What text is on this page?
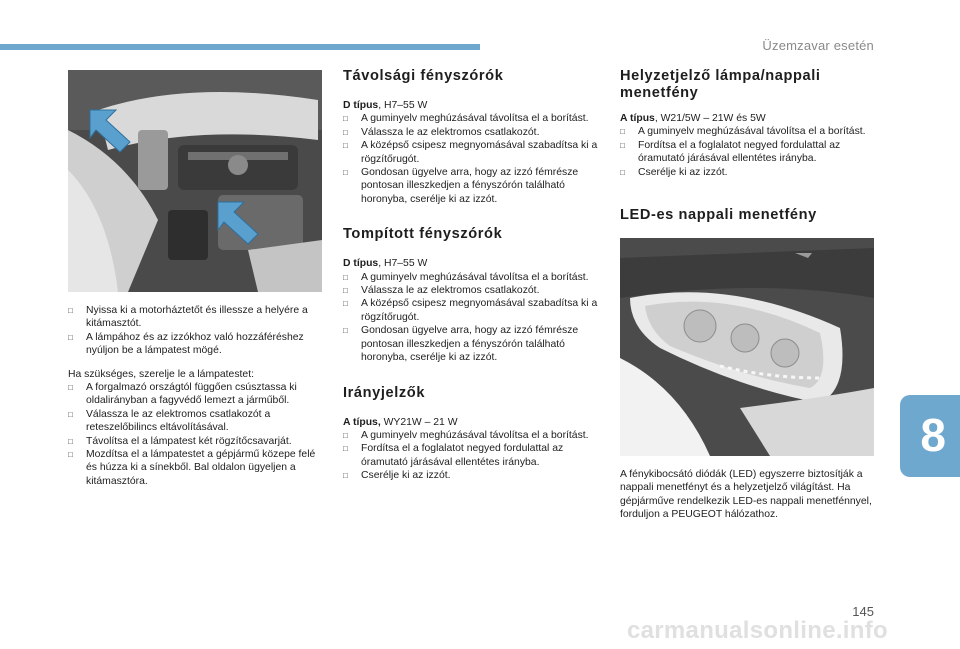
Üzemzavar esetén
8
145
carmanualsonline.info
□ Nyissa ki a motorháztetőt és illessze a helyére a kitámasztót.
□ A lámpához és az izzókhoz való hozzáféréshez nyúljon be a lámpatest mögé.

Ha szükséges, szerelje le a lámpatestet:

□ A forgalmazó országtól függően csúsztassa ki oldalirányban a fagyvédő lemezt a járműből.
□ Válassza le az elektromos csatlakozót a reteszelőbilincs eltávolításával.
□ Távolítsa el a lámpatest két rögzítőcsavarját.
□ Mozdítsa el a lámpatestet a gépjármű közepe felé és húzza ki a sínekből. Bal oldalon ügyeljen a kitámasztóra.
Távolsági fényszórók

D típus, H7–55 W

□ A guminyelv meghúzásával távolítsa el a borítást.
□ Válassza le az elektromos csatlakozót.
□ A középső csipesz megnyomásával szabadítsa ki a rögzítőrugót.
□ Gondosan ügyelve arra, hogy az izzó fémrésze pontosan illeszkedjen a fényszórón található horonyba, cserélje ki az izzót.
Tompított fényszórók

D típus, H7–55 W

□ A guminyelv meghúzásával távolítsa el a borítást.
□ Válassza le az elektromos csatlakozót.
□ A középső csipesz megnyomásával szabadítsa ki a rögzítőrugót.
□ Gondosan ügyelve arra, hogy az izzó fémrésze pontosan illeszkedjen a fényszórón található horonyba, cserélje ki az izzót.
Irányjelzők

A típus, WY21W – 21 W

□ A guminyelv meghúzásával távolítsa el a borítást.
□ Fordítsa el a foglalatot negyed fordulattal az óramutató járásával ellentétes irányba.
□ Cserélje ki az izzót.
Helyzetjelző lámpa/nappali menetfény

A típus, W21/5W – 21W és 5W

□ A guminyelv meghúzásával távolítsa el a borítást.
□ Fordítsa el a foglalatot negyed fordulattal az óramutató járásával ellentétes irányba.
□ Cserélje ki az izzót.
LED-es nappali menetfény

A fénykibocsátó diódák (LED) egyszerre biztosítják a nappali menetfényt és a helyzetjelző világítást. Ha gépjárműve rendelkezik LED-es nappali menetfénnyel, forduljon a PEUGEOT hálózathoz.
